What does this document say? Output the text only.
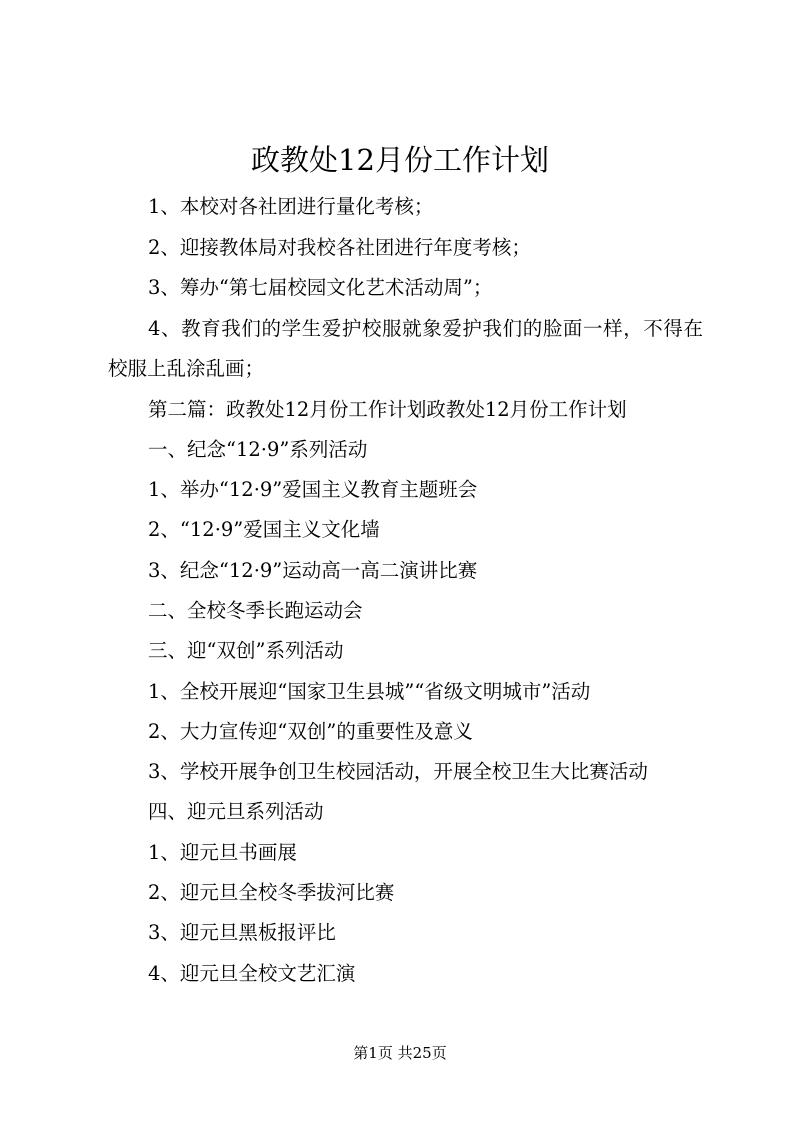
政教处12月份工作计划

1、本校对各社团进行量化考核；

2、迎接教体局对我校各社团进行年度考核；

3、筹办“第七届校园文化艺术活动周”；

4、教育我们的学生爱护校服就象爱护我们的脸面一样，不得在校服上乱涂乱画；

第二篇：政教处12月份工作计划政教处12月份工作计划

一、纪念“12·9”系列活动

1、举办“12·9”爱国主义教育主题班会

2、“12·9”爱国主义文化墙

3、纪念“12·9”运动高一高二演讲比赛

二、全校冬季长跑运动会

三、迎“双创”系列活动

1、全校开展迎“国家卫生县城”“省级文明城市”活动

2、大力宣传迎“双创”的重要性及意义

3、学校开展争创卫生校园活动，开展全校卫生大比赛活动

四、迎元旦系列活动

1、迎元旦书画展

2、迎元旦全校冬季拔河比赛

3、迎元旦黑板报评比

4、迎元旦全校文艺汇演

第1页 共25页
